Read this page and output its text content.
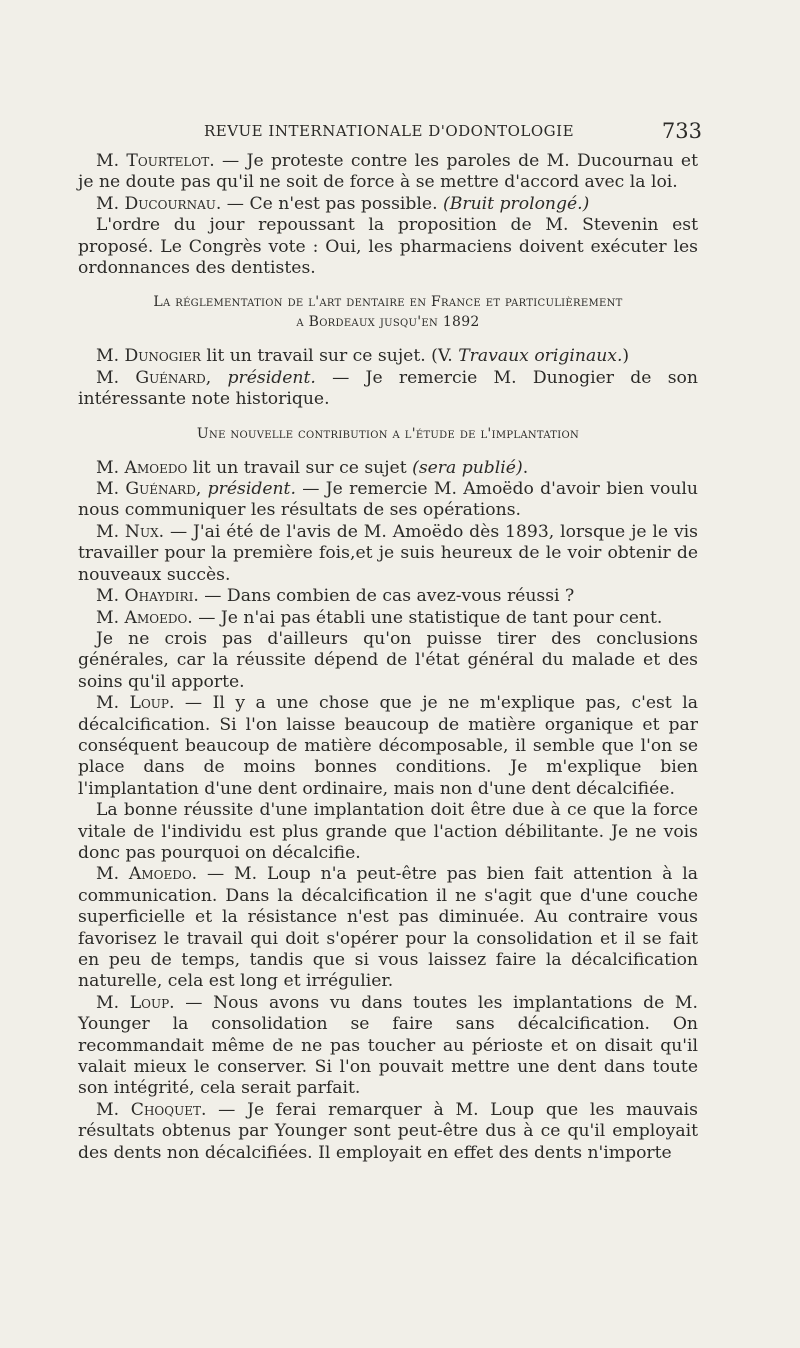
REVUE INTERNATIONALE D'ODONTOLOGIE	733

M. Tourtelot. — Je proteste contre les paroles de M. Ducournau et je ne doute pas qu'il ne soit de force à se mettre d'accord avec la loi.

M. Ducournau. — Ce n'est pas possible. (Bruit prolongé.)

L'ordre du jour repoussant la proposition de M. Stevenin est proposé. Le Congrès vote : Oui, les pharmaciens doivent exécuter les ordonnances des dentistes.

La réglementation de l'art dentaire en France et particulièrement
a Bordeaux jusqu'en 1892

M. Dunogier lit un travail sur ce sujet. (V. Travaux originaux.)

M. Guénard, président. — Je remercie M. Dunogier de son intéressante note historique.

Une nouvelle contribution a l'étude de l'implantation

M. Amoedo lit un travail sur ce sujet (sera publié).

M. Guénard, président. — Je remercie M. Amoëdo d'avoir bien voulu nous communiquer les résultats de ses opérations.

M. Nux. — J'ai été de l'avis de M. Amoëdo dès 1893, lorsque je le vis travailler pour la première fois,et je suis heureux de le voir obtenir de nouveaux succès.

M. Ohaydiri. — Dans combien de cas avez-vous réussi ?

M. Amoedo. — Je n'ai pas établi une statistique de tant pour cent.

Je ne crois pas d'ailleurs qu'on puisse tirer des conclusions générales, car la réussite dépend de l'état général du malade et des soins qu'il apporte.

M. Loup. — Il y a une chose que je ne m'explique pas, c'est la décalcification. Si l'on laisse beaucoup de matière organique et par conséquent beaucoup de matière décomposable, il semble que l'on se place dans de moins bonnes conditions. Je m'explique bien l'implantation d'une dent ordinaire, mais non d'une dent décalcifiée.

La bonne réussite d'une implantation doit être due à ce que la force vitale de l'individu est plus grande que l'action débilitante. Je ne vois donc pas pourquoi on décalcifie.

M. Amoedo. — M. Loup n'a peut-être pas bien fait attention à la communication. Dans la décalcification il ne s'agit que d'une couche superficielle et la résistance n'est pas diminuée. Au contraire vous favorisez le travail qui doit s'opérer pour la consolidation et il se fait en peu de temps, tandis que si vous laissez faire la décalcification naturelle, cela est long et irrégulier.

M. Loup. — Nous avons vu dans toutes les implantations de M. Younger la consolidation se faire sans décalcification. On recommandait même de ne pas toucher au périoste et on disait qu'il valait mieux le conserver. Si l'on pouvait mettre une dent dans toute son intégrité, cela serait parfait.

M. Choquet. — Je ferai remarquer à M. Loup que les mauvais résultats obtenus par Younger sont peut-être dus à ce qu'il employait des dents non décalcifiées. Il employait en effet des dents n'importe
